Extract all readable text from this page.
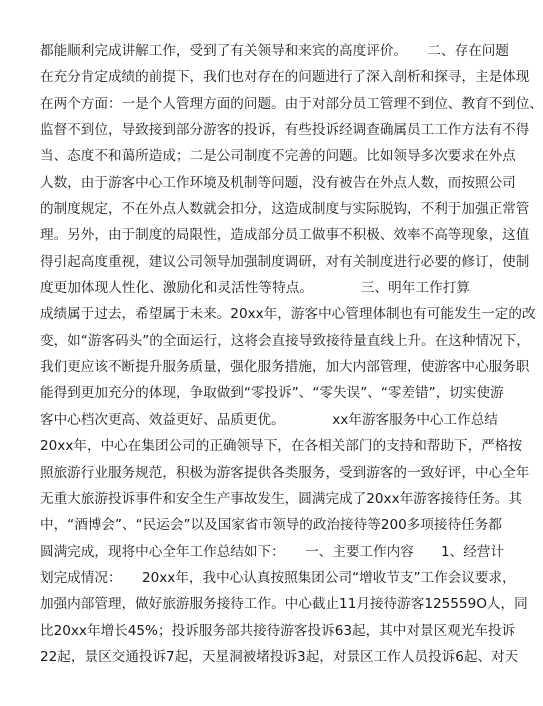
都能顺利完成讲解工作，受到了有关领导和来宾的高度评价。　　二、存在问题
在充分肯定成绩的前提下，我们也对存在的问题进行了深入剖析和探寻，主是体现
在两个方面：一是个人管理方面的问题。由于对部分员工管理不到位、教育不到位、
监督不到位，导致接到部分游客的投诉，有些投诉经调查确属员工工作方法有不得
当、态度不和蔼所造成；二是公司制度不完善的问题。比如领导多次要求在外点
人数，由于游客中心工作环境及机制等问题，没有被告在外点人数，而按照公司
的制度规定，不在外点人数就会扣分，这造成制度与实际脱钩，不利于加强正常管
理。另外，由于制度的局限性，造成部分员工做事不积极、效率不高等现象，这值
得引起高度重视，建议公司领导加强制度调研，对有关制度进行必要的修订，使制
度更加体现人性化、激励化和灵活性等特点。　　　　三、明年工作打算
成绩属于过去，希望属于未来。20xx年，游客中心管理体制也有可能发生一定的改
变，如“游客码头”的全面运行，这将会直接导致接待量直线上升。在这种情况下，
我们更应该不断提升服务质量，强化服务措施，加大内部管理，使游客中心服务职
能得到更加充分的体现，争取做到“零投诉”、“零失误”、“零差错”，切实使游
客中心档次更高、效益更好、品质更优。　　　　xx年游客服务中心工作总结
20xx年，中心在集团公司的正确领导下，在各相关部门的支持和帮助下，严格按
照旅游行业服务规范，积极为游客提供各类服务，受到游客的一致好评，中心全年
无重大旅游投诉事件和安全生产事故发生，圆满完成了20xx年游客接待任务。其
中，“酒博会”、“民运会”以及国家省市领导的政治接待等200多项接待任务都
圆满完成，现将中心全年工作总结如下：　　一、主要工作内容　　1、经营计
划完成情况：　　20xx年，我中心认真按照集团公司“增收节支”工作会议要求，
加强内部管理，做好旅游服务接待工作。中心截止11月接待游客125559O人，同
比20xx年增长45%；投诉服务部共接待游客投诉63起，其中对景区观光车投诉
22起，景区交通投诉7起，天星洞被堵投诉3起，对景区工作人员投诉6起、对天
